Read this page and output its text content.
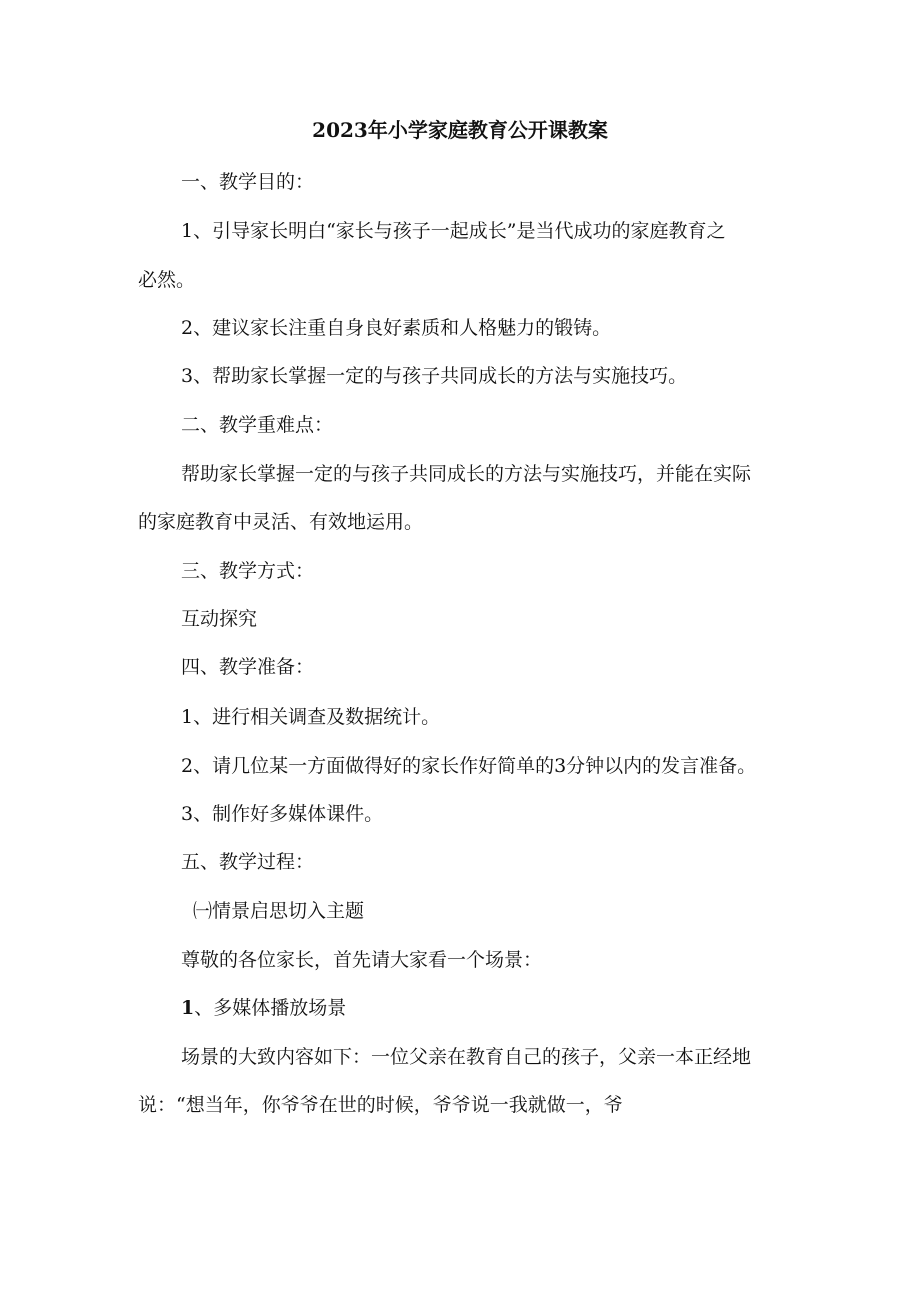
2023年小学家庭教育公开课教案
一、教学目的：
1、引导家长明白“家长与孩子一起成长”是当代成功的家庭教育之
必然。
2、建议家长注重自身良好素质和人格魅力的锻铸。
3、帮助家长掌握一定的与孩子共同成长的方法与实施技巧。
二、教学重难点：
帮助家长掌握一定的与孩子共同成长的方法与实施技巧，并能在实际
的家庭教育中灵活、有效地运用。
三、教学方式：
互动探究
四、教学准备：
1、进行相关调查及数据统计。
2、请几位某一方面做得好的家长作好简单的3分钟以内的发言准备。
3、制作好多媒体课件。
五、教学过程：
㈠情景启思切入主题
尊敬的各位家长，首先请大家看一个场景：
1、多媒体播放场景
场景的大致内容如下：一位父亲在教育自己的孩子，父亲一本正经地
说：“想当年，你爷爷在世的时候，爷爷说一我就做一，爷
